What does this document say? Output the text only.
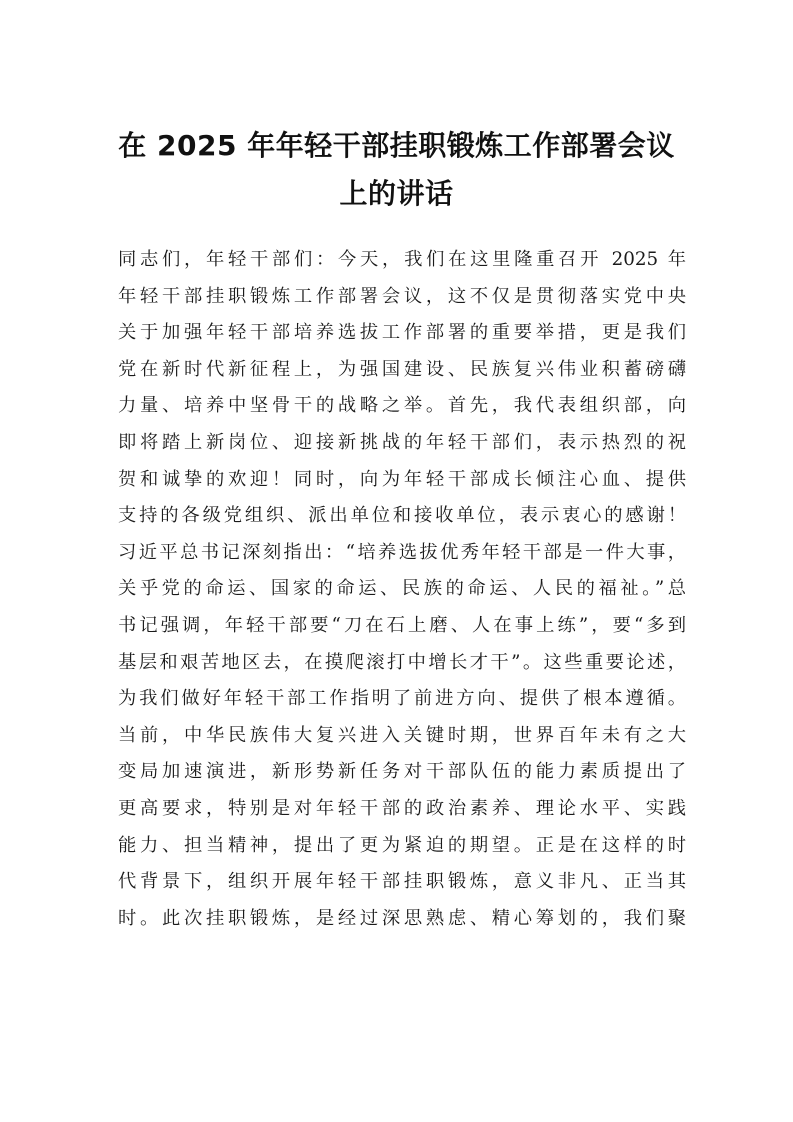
在 2025 年年轻干部挂职锻炼工作部署会议
上的讲话
同志们，年轻干部们：今天，我们在这里隆重召开 2025 年
年轻干部挂职锻炼工作部署会议，这不仅是贯彻落实党中央
关于加强年轻干部培养选拔工作部署的重要举措，更是我们
党在新时代新征程上，为强国建设、民族复兴伟业积蓄磅礴
力量、培养中坚骨干的战略之举。首先，我代表组织部，向
即将踏上新岗位、迎接新挑战的年轻干部们，表示热烈的祝
贺和诚挚的欢迎！同时，向为年轻干部成长倾注心血、提供
支持的各级党组织、派出单位和接收单位，表示衷心的感谢！
习近平总书记深刻指出：“培养选拔优秀年轻干部是一件大事，
关乎党的命运、国家的命运、民族的命运、人民的福祉。”总
书记强调，年轻干部要“刀在石上磨、人在事上练”，要“多到
基层和艰苦地区去，在摸爬滚打中增长才干”。这些重要论述，
为我们做好年轻干部工作指明了前进方向、提供了根本遵循。
当前，中华民族伟大复兴进入关键时期，世界百年未有之大
变局加速演进，新形势新任务对干部队伍的能力素质提出了
更高要求，特别是对年轻干部的政治素养、理论水平、实践
能力、担当精神，提出了更为紧迫的期望。正是在这样的时
代背景下，组织开展年轻干部挂职锻炼，意义非凡、正当其
时。此次挂职锻炼，是经过深思熟虑、精心筹划的，我们聚
